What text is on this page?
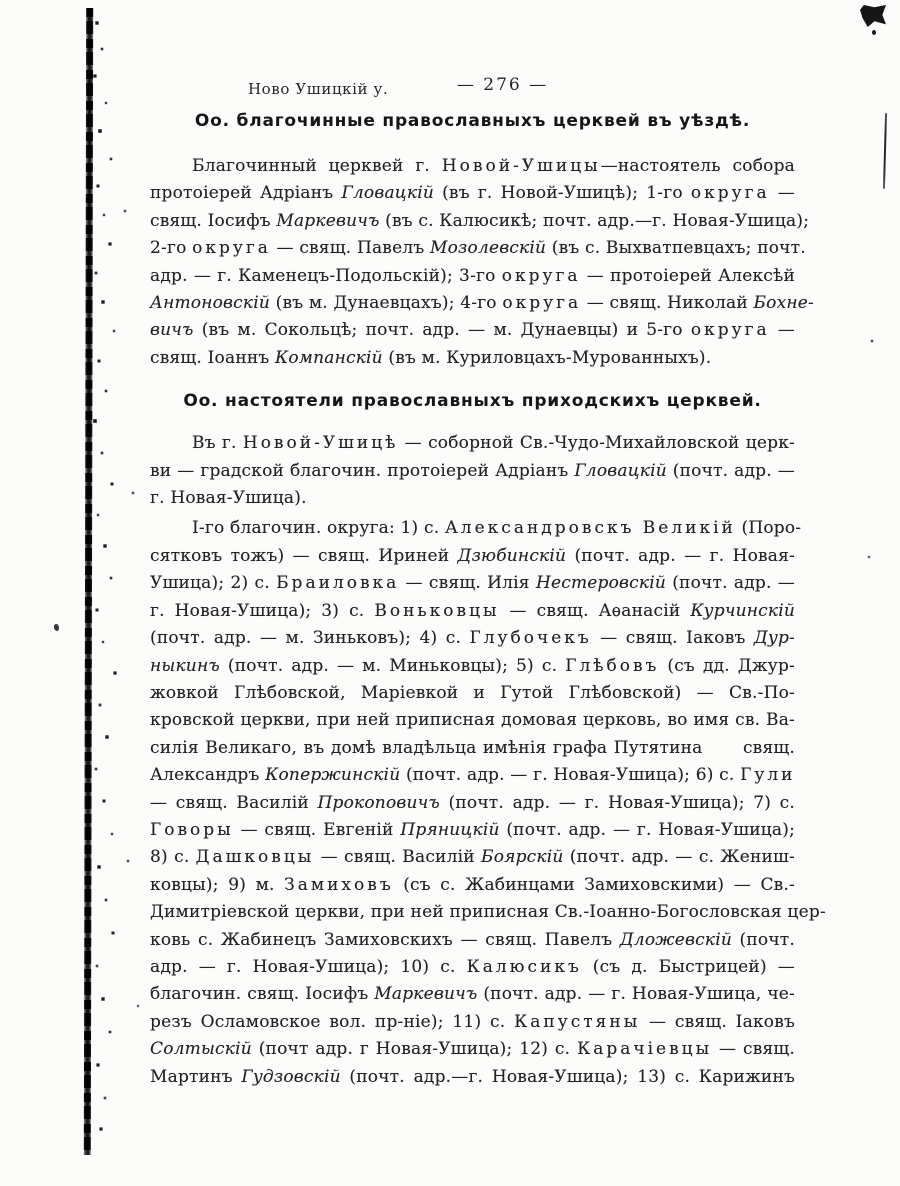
Ново Ушицкій у.	— 276 —
Оо. благочинные православныхъ церквей въ уѣздѣ.
Благочинный церквей г. Новой-Ушицы—настоятель собора
протоіерей Адріанъ Гловацкій (въ г. Новой-Ушицѣ); 1-го округа —
свящ. Іосифъ Маркевичъ (въ с. Калюсикѣ; почт. адр.—г. Новая-Ушица);
2-го округа — свящ. Павелъ Мозолевскій (въ с. Выхватпевцахъ; почт.
адр. — г. Каменецъ-Подольскій); 3-го округа — протоіерей Алексѣй
Антоновскій (въ м. Дунаевцахъ); 4-го округа — свящ. Николай Бохне-
вичъ (въ м. Сокольцѣ; почт. адр. — м. Дунаевцы) и 5-го округа —
свящ. Іоаннъ Компанскій (въ м. Куриловцахъ-Мурованныхъ).
Оо. настоятели православныхъ приходскихъ церквей.
Въ г. Новой-Ушицѣ — соборной Св.-Чудо-Михайловской церк-
ви — градской благочин. протоіерей Адріанъ Гловацкій (почт. адр. —
г. Новая-Ушица).
І-го благочин. округа: 1) с. Александровскъ Великій (Поро-
сятковъ тожъ) — свящ. Ириней Дзюбинскій (почт. адр. — г. Новая-
Ушица); 2) с. Браиловка — свящ. Илія Нестеровскій (почт. адр. —
г. Новая-Ушица); 3) с. Воньковцы — свящ. Аѳанасій Курчинскій
(почт. адр. — м. Зиньковъ); 4) с. Глубочекъ — свящ. Іаковъ Дур-
ныкинъ (почт. адр. — м. Миньковцы); 5) с. Глѣбовъ (съ дд. Джур-
жовкой Глѣбовской, Маріевкой и Гутой Глѣбовской) — Св.-По-
кровской церкви, при ней приписная домовая церковь, во имя св. Ва-
силія Великаго, въ домѣ владѣльца имѣнія графа Путятина свящ.
Александръ Копержинскій (почт. адр. — г. Новая-Ушица); 6) с. Гули
— свящ. Василій Прокоповичъ (почт. адр. — г. Новая-Ушица); 7) с.
Говоры — свящ. Евгеній Пряницкій (почт. адр. — г. Новая-Ушица);
8) с. Дашковцы — свящ. Василій Боярскій (почт. адр. — с. Жениш-
ковцы); 9) м. Замиховъ (съ с. Жабинцами Замиховскими) — Св.-
Димитріевской церкви, при ней приписная Св.-Іоанно-Богословская цер-
ковь с. Жабинецъ Замиховскихъ — свящ. Павелъ Дложевскій (почт.
адр. — г. Новая-Ушица); 10) с. Калюсикъ (съ д. Быстрицей) —
благочин. свящ. Іосифъ Маркевичъ (почт. адр. — г. Новая-Ушица, че-
резъ Осламовское вол. пр-ніе); 11) с. Капустяны — свящ. Іаковъ
Солтыскій (почт адр. г Новая-Ушица); 12) с. Карачіевцы — свящ.
Мартинъ Гудзовскій (почт. адр.—г. Новая-Ушица); 13) с. Карижинъ
